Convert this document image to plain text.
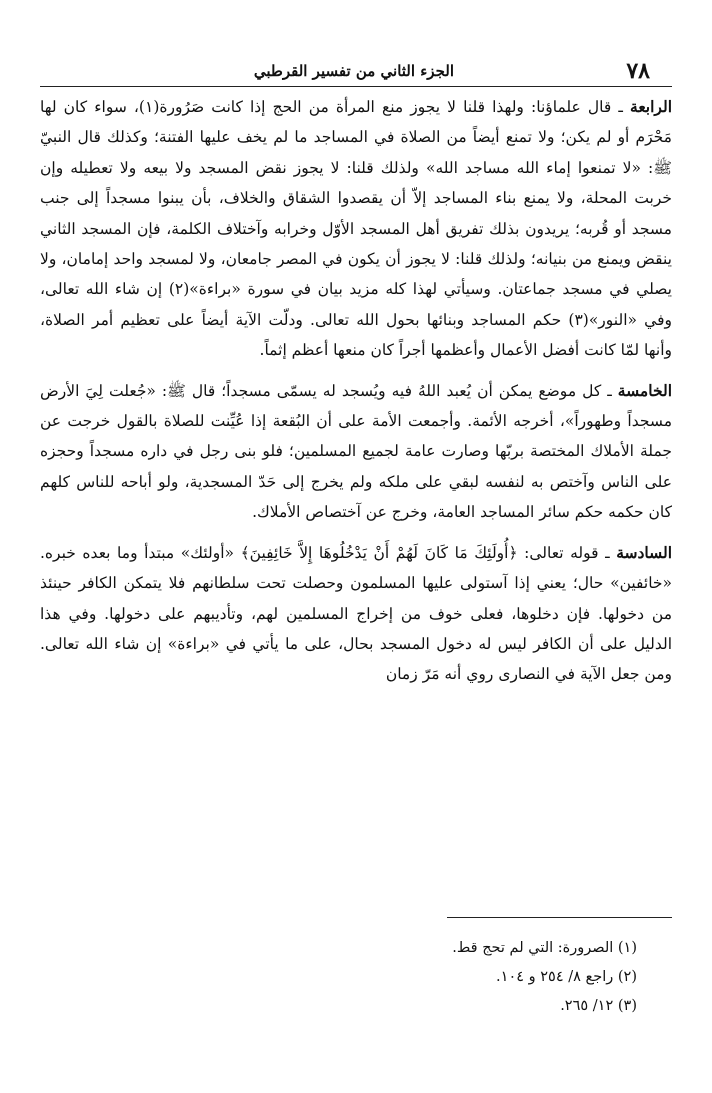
٧٨
الجزء الثاني من تفسير القرطبي

الرابعة ـ قال علماؤنا: ولهذا قلنا لا يجوز منع المرأة من الحج إذا كانت صَرُورة(١)، سواء كان لها مَحْرَم أو لم يكن؛ ولا تمنع أيضاً من الصلاة في المساجد ما لم يخف عليها الفتنة؛ وكذلك قال النبيّ ﷺ: «لا تمنعوا إماء الله مساجد الله» ولذلك قلنا: لا يجوز نقض المسجد ولا بيعه ولا تعطيله وإن خربت المحلة، ولا يمنع بناء المساجد إلاّ أن يقصدوا الشقاق والخلاف، بأن يبنوا مسجداً إلى جنب مسجد أو قُربه؛ يريدون بذلك تفريق أهل المسجد الأوّل وخرابه وآختلاف الكلمة، فإن المسجد الثاني ينقض ويمنع من بنيانه؛ ولذلك قلنا: لا يجوز أن يكون في المصر جامعان، ولا لمسجد واحد إمامان، ولا يصلي في مسجد جماعتان. وسيأتي لهذا كله مزيد بيان في سورة «براءة»(٢) إن شاء الله تعالى، وفي «النور»(٣) حكم المساجد وبنائها بحول الله تعالى. ودلّت الآية أيضاً على تعظيم أمر الصلاة، وأنها لمّا كانت أفضل الأعمال وأعظمها أجراً كان منعها أعظم إثماً.

الخامسة ـ كل موضع يمكن أن يُعبد اللهُ فيه ويُسجد له يسمّى مسجداً؛ قال ﷺ: «جُعلت لِيَ الأرض مسجداً وطهوراً»، أخرجه الأئمة. وأجمعت الأمة على أن البُقعة إذا عُيِّنت للصلاة بالقول خرجت عن جملة الأملاك المختصة بربّها وصارت عامة لجميع المسلمين؛ فلو بنى رجل في داره مسجداً وحجزه على الناس وآختص به لنفسه لبقي على ملكه ولم يخرج إلى حَدّ المسجدية، ولو أباحه للناس كلهم كان حكمه حكم سائر المساجد العامة، وخرج عن آختصاص الأملاك.

السادسة ـ قوله تعالى: ﴿أُولَئِكَ مَا كَانَ لَهُمْ أَنْ يَدْخُلُوهَا إِلاَّ خَائِفِينَ﴾ «أولئك» مبتدأ وما بعده خبره. «خائفين» حال؛ يعني إذا آستولى عليها المسلمون وحصلت تحت سلطانهم فلا يتمكن الكافر حينئذ من دخولها. فإن دخلوها، فعلى خوف من إخراج المسلمين لهم، وتأديبهم على دخولها. وفي هذا الدليل على أن الكافر ليس له دخول المسجد بحال، على ما يأتي في «براءة» إن شاء الله تعالى. ومن جعل الآية في النصارى روي أنه مَرّ زمان

(١) الصرورة: التي لم تحج قط.
(٢) راجع ٨/ ٢٥٤ و ١٠٤.
(٣) ١٢/ ٢٦٥.
